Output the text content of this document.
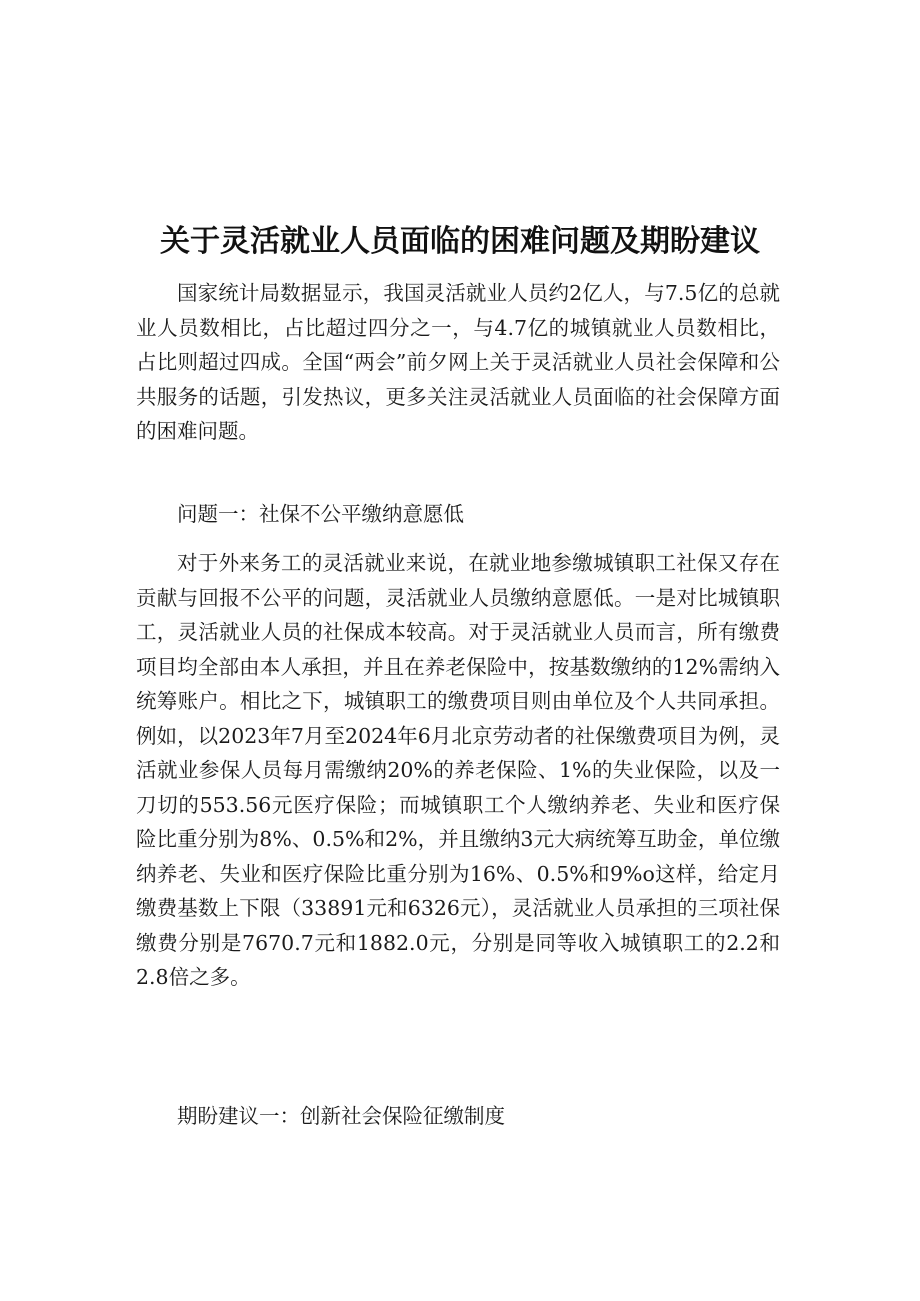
关于灵活就业人员面临的困难问题及期盼建议

国家统计局数据显示，我国灵活就业人员约2亿人，与7.5亿的总就业人员数相比，占比超过四分之一，与4.7亿的城镇就业人员数相比，占比则超过四成。全国“两会”前夕网上关于灵活就业人员社会保障和公共服务的话题，引发热议，更多关注灵活就业人员面临的社会保障方面的困难问题。

问题一：社保不公平缴纳意愿低

对于外来务工的灵活就业来说，在就业地参缴城镇职工社保又存在贡献与回报不公平的问题，灵活就业人员缴纳意愿低。一是对比城镇职工，灵活就业人员的社保成本较高。对于灵活就业人员而言，所有缴费项目均全部由本人承担，并且在养老保险中，按基数缴纳的12%需纳入统筹账户。相比之下，城镇职工的缴费项目则由单位及个人共同承担。例如，以2023年7月至2024年6月北京劳动者的社保缴费项目为例，灵活就业参保人员每月需缴纳20%的养老保险、1%的失业保险，以及一刀切的553.56元医疗保险；而城镇职工个人缴纳养老、失业和医疗保险比重分别为8%、0.5%和2%，并且缴纳3元大病统筹互助金，单位缴纳养老、失业和医疗保险比重分别为16%、0.5%和9%o这样，给定月缴费基数上下限（33891元和6326元），灵活就业人员承担的三项社保缴费分别是7670.7元和1882.0元，分别是同等收入城镇职工的2.2和2.8倍之多。

期盼建议一：创新社会保险征缴制度
